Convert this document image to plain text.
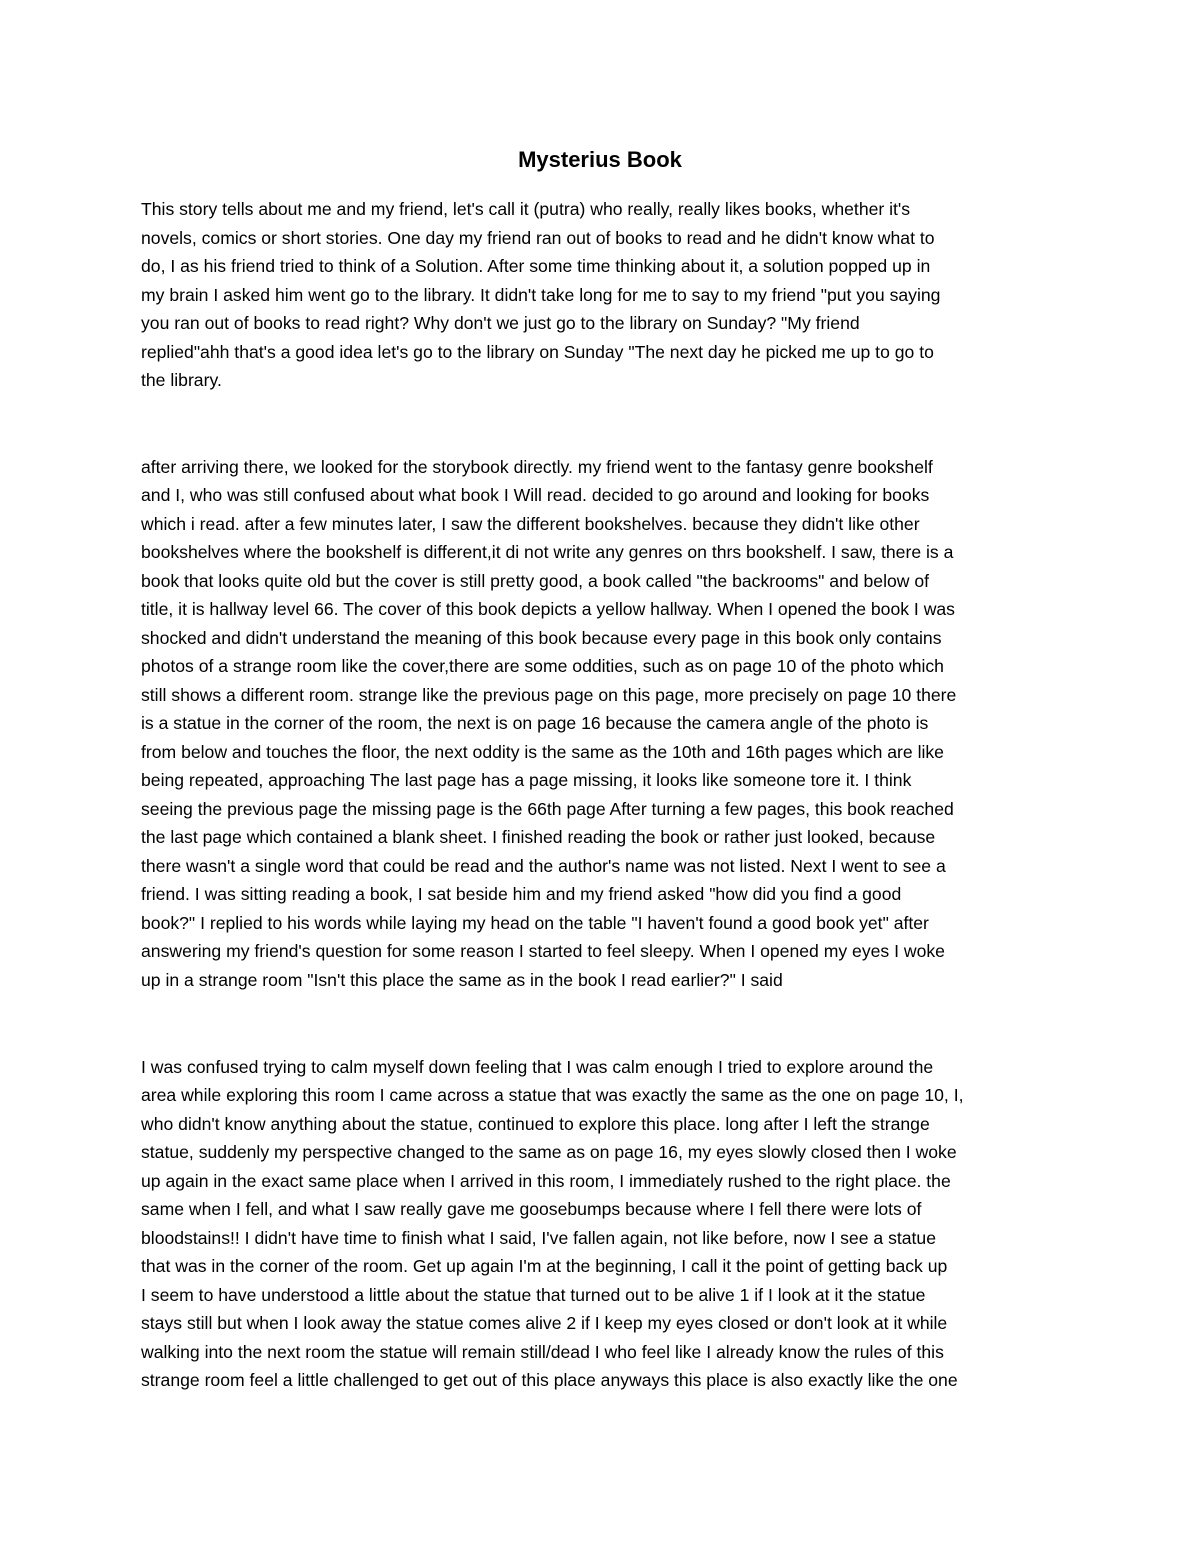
Mysterius Book

This story tells about me and my friend, let's call it (putra) who really, really likes books, whether it's

novels, comics or short stories. One day my friend ran out of books to read and he didn't know what to

do, I as his friend tried to think of a Solution. After some time thinking about it, a solution popped up in

my brain I asked him went go to the library. It didn't take long for me to say to my friend "put you saying

you ran out of books to read right? Why don't we just go to the library on Sunday? "My friend

replied"ahh that's a good idea let's go to the library on Sunday "The next day he picked me up to go to

the library.

after arriving there, we looked for the storybook directly. my friend went to the fantasy genre bookshelf

and I, who was still confused about what book I Will read. decided to go around and looking for books

which i read. after a few minutes later, I saw the different bookshelves. because they didn't like other

bookshelves where the bookshelf is different,it di not write any genres on thrs bookshelf. I saw, there is a

book that looks quite old but the cover is still pretty good, a book called "the backrooms" and below of

title, it is hallway level 66. The cover of this book depicts a yellow hallway. When I opened the book I was

shocked and didn't understand the meaning of this book because every page in this book only contains

photos of a strange room like the cover,there are some oddities, such as on page 10 of the photo which

still shows a different room. strange like the previous page on this page, more precisely on page 10 there

is a statue in the corner of the room, the next is on page 16 because the camera angle of the photo is

from below and touches the floor, the next oddity is the same as the 10th and 16th pages which are like

being repeated, approaching The last page has a page missing, it looks like someone tore it. I think

seeing the previous page the missing page is the 66th page After turning a few pages, this book reached

the last page which contained a blank sheet. I finished reading the book or rather just looked, because

there wasn't a single word that could be read and the author's name was not listed. Next I went to see a

friend. I was sitting reading a book, I sat beside him and my friend asked "how did you find a good

book?" I replied to his words while laying my head on the table "I haven't found a good book yet" after

answering my friend's question for some reason I started to feel sleepy. When I opened my eyes I woke

up in a strange room "Isn't this place the same as in the book I read earlier?" I said

I was confused trying to calm myself down feeling that I was calm enough I tried to explore around the

area while exploring this room I came across a statue that was exactly the same as the one on page 10, I,

who didn't know anything about the statue, continued to explore this place. long after I left the strange

statue, suddenly my perspective changed to the same as on page 16, my eyes slowly closed then I woke

up again in the exact same place when I arrived in this room, I immediately rushed to the right place. the

same when I fell, and what I saw really gave me goosebumps because where I fell there were lots of

bloodstains!! I didn't have time to finish what I said, I've fallen again, not like before, now I see a statue

that was in the corner of the room. Get up again I'm at the beginning, I call it the point of getting back up

I seem to have understood a little about the statue that turned out to be alive 1 if I look at it the statue

stays still but when I look away the statue comes alive 2 if I keep my eyes closed or don't look at it while

walking into the next room the statue will remain still/dead I who feel like I already know the rules of this

strange room feel a little challenged to get out of this place anyways this place is also exactly like the one
